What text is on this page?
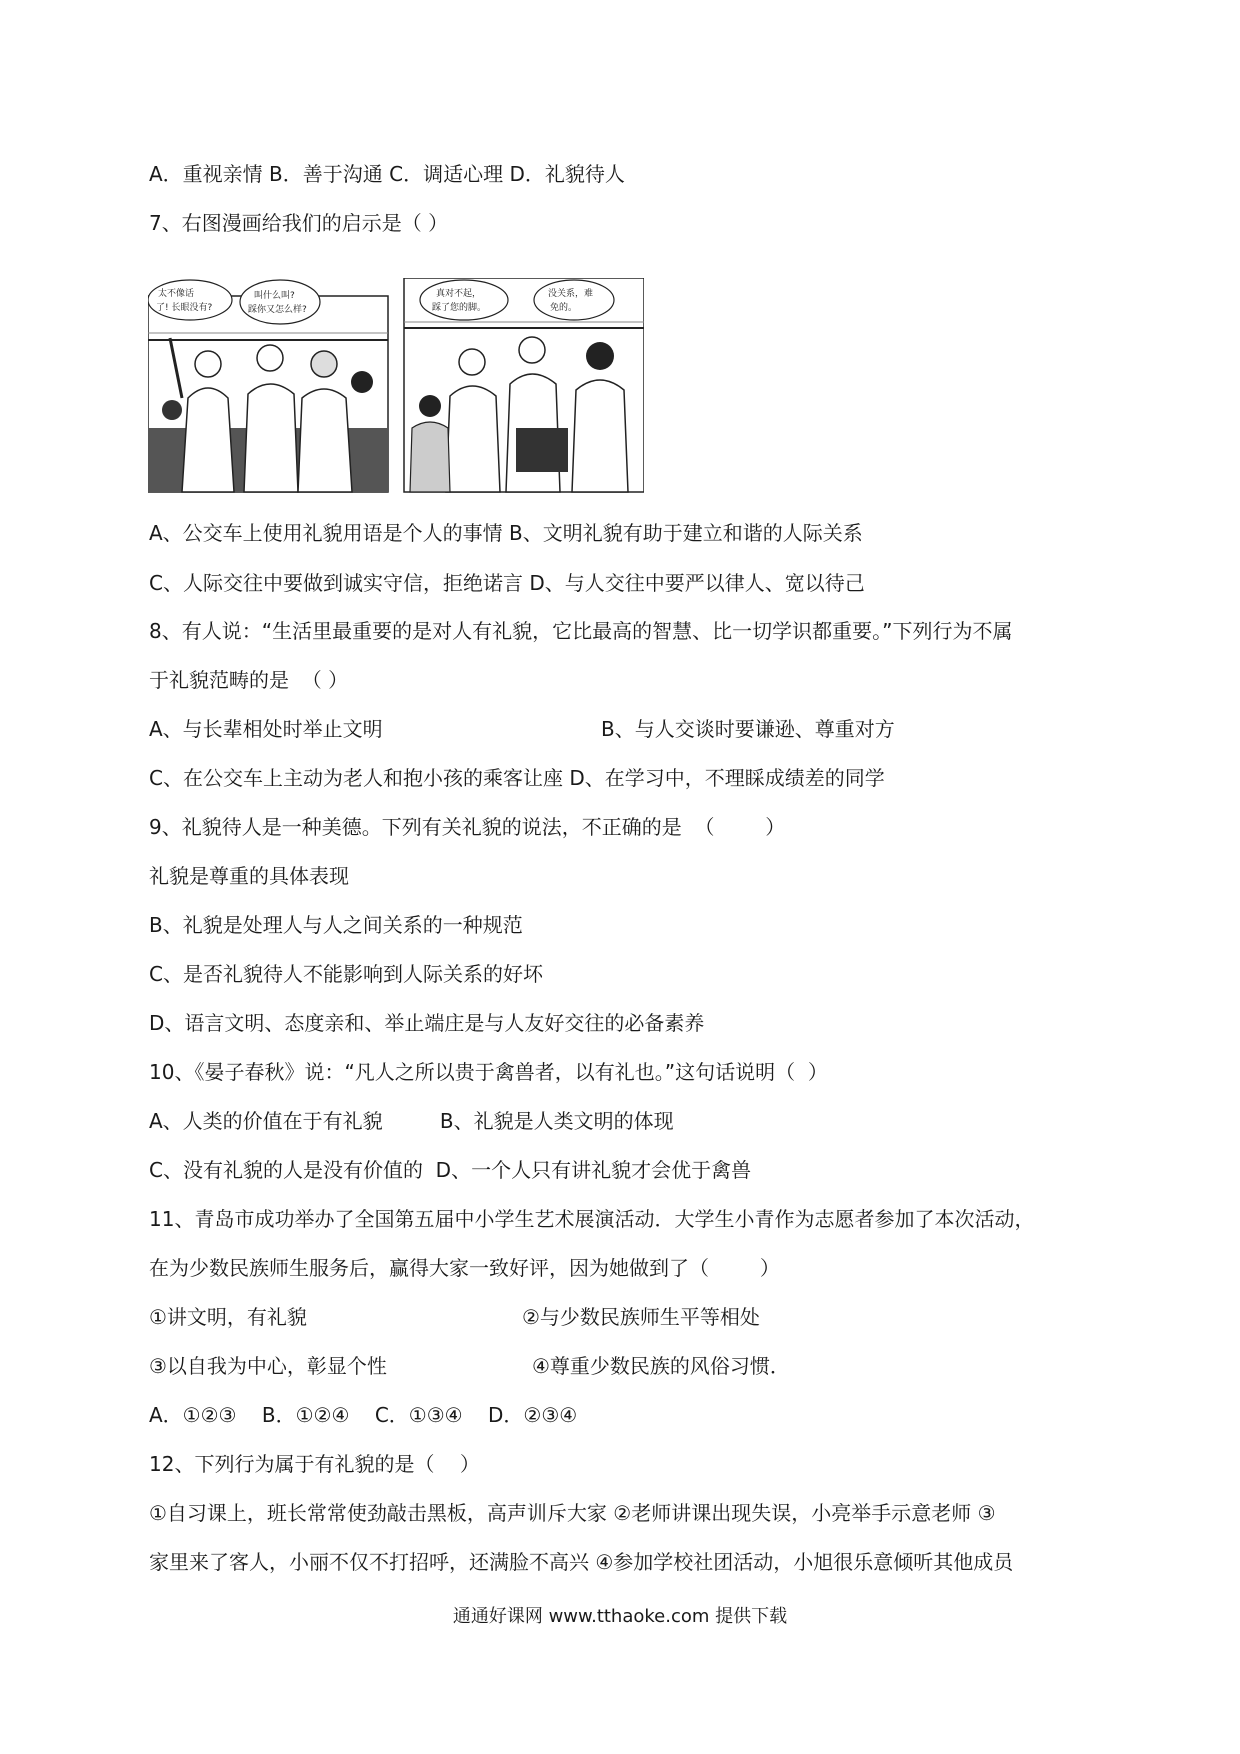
A．重视亲情 B．善于沟通 C．调适心理 D．礼貌待人
7、右图漫画给我们的启示是（ ）
太不像话
了! 长眼没有?
叫什么叫?
踩你又怎么样?
真对不起，
踩了您的脚。
没关系，难
免的。
A、公交车上使用礼貌用语是个人的事情 B、文明礼貌有助于建立和谐的人际关系
C、人际交往中要做到诚实守信，拒绝诺言 D、与人交往中要严以律人、宽以待己
8、有人说：“生活里最重要的是对人有礼貌，它比最高的智慧、比一切学识都重要。”下列行为不属
于礼貌范畴的是  （ ）
A、与长辈相处时举止文明	B、与人交谈时要谦逊、尊重对方
C、在公交车上主动为老人和抱小孩的乘客让座 D、在学习中，不理睬成绩差的同学
9、礼貌待人是一种美德。下列有关礼貌的说法，不正确的是  （        ）
礼貌是尊重的具体表现
B、礼貌是处理人与人之间关系的一种规范
C、是否礼貌待人不能影响到人际关系的好坏
D、语言文明、态度亲和、举止端庄是与人友好交往的必备素养
10、《晏子春秋》说：“凡人之所以贵于禽兽者，以有礼也。”这句话说明（  ）
A、人类的价值在于有礼貌         B、礼貌是人类文明的体现
C、没有礼貌的人是没有价值的  D、一个人只有讲礼貌才会优于禽兽
11、青岛市成功举办了全国第五届中小学生艺术展演活动．大学生小青作为志愿者参加了本次活动，
在为少数民族师生服务后，赢得大家一致好评，因为她做到了（        ）
①讲文明，有礼貌	②与少数民族师生平等相处
③以自我为中心，彰显个性	④尊重少数民族的风俗习惯．
A．①②③    B．①②④    C．①③④    D．②③④
12、下列行为属于有礼貌的是（    ）
①自习课上，班长常常使劲敲击黑板，高声训斥大家 ②老师讲课出现失误，小亮举手示意老师 ③
家里来了客人，小丽不仅不打招呼，还满脸不高兴 ④参加学校社团活动，小旭很乐意倾听其他成员
通通好课网 www.tthaoke.com 提供下载
